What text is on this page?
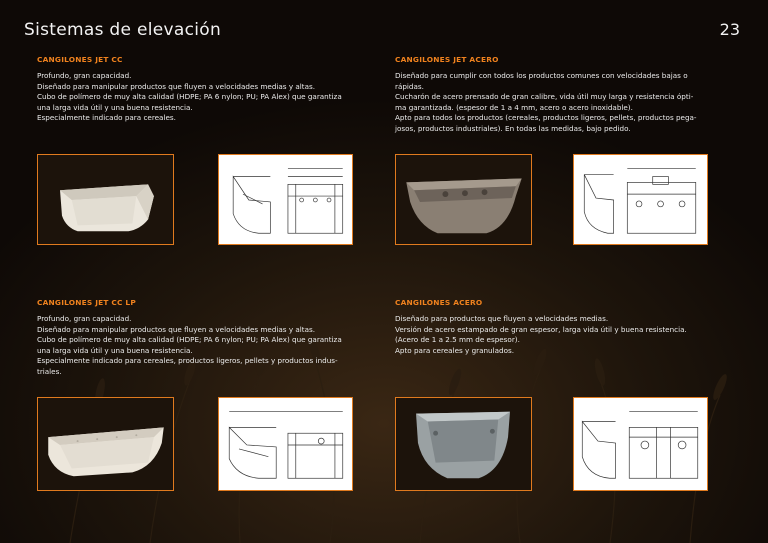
Sistemas de elevación	23
CANGILONES JET CC
Profundo, gran capacidad.
Diseñado para manipular productos que fluyen a velocidades medias y altas.
Cubo de polímero de muy alta calidad (HDPE; PA 6 nylon; PU; PA Alex) que garantiza
una larga vida útil y una buena resistencia.
Especialmente indicado para cereales.
CANGILONES JET ACERO
Diseñado para cumplir con todos los productos comunes con velocidades bajas o
rápidas.
Cucharón de acero prensado de gran calibre, vida útil muy larga y resistencia ópti-
ma garantizada. (espesor de 1 a 4 mm, acero o acero inoxidable).
Apto para todos los productos (cereales, productos ligeros, pellets, productos pega-
josos, productos industriales). En todas las medidas, bajo pedido.
CANGILONES JET CC LP
Profundo, gran capacidad.
Diseñado para manipular productos que fluyen a velocidades medias y altas.
Cubo de polímero de muy alta calidad (HDPE; PA 6 nylon; PU; PA Alex) que garantiza
una larga vida útil y una buena resistencia.
Especialmente indicado para cereales, productos ligeros, pellets y productos indus-
triales.
CANGILONES ACERO
Diseñado para productos que fluyen a velocidades medias.
Versión de acero estampado de gran espesor, larga vida útil y buena resistencia.
(Acero de 1 a 2.5 mm de espesor).
Apto para cereales y granulados.
